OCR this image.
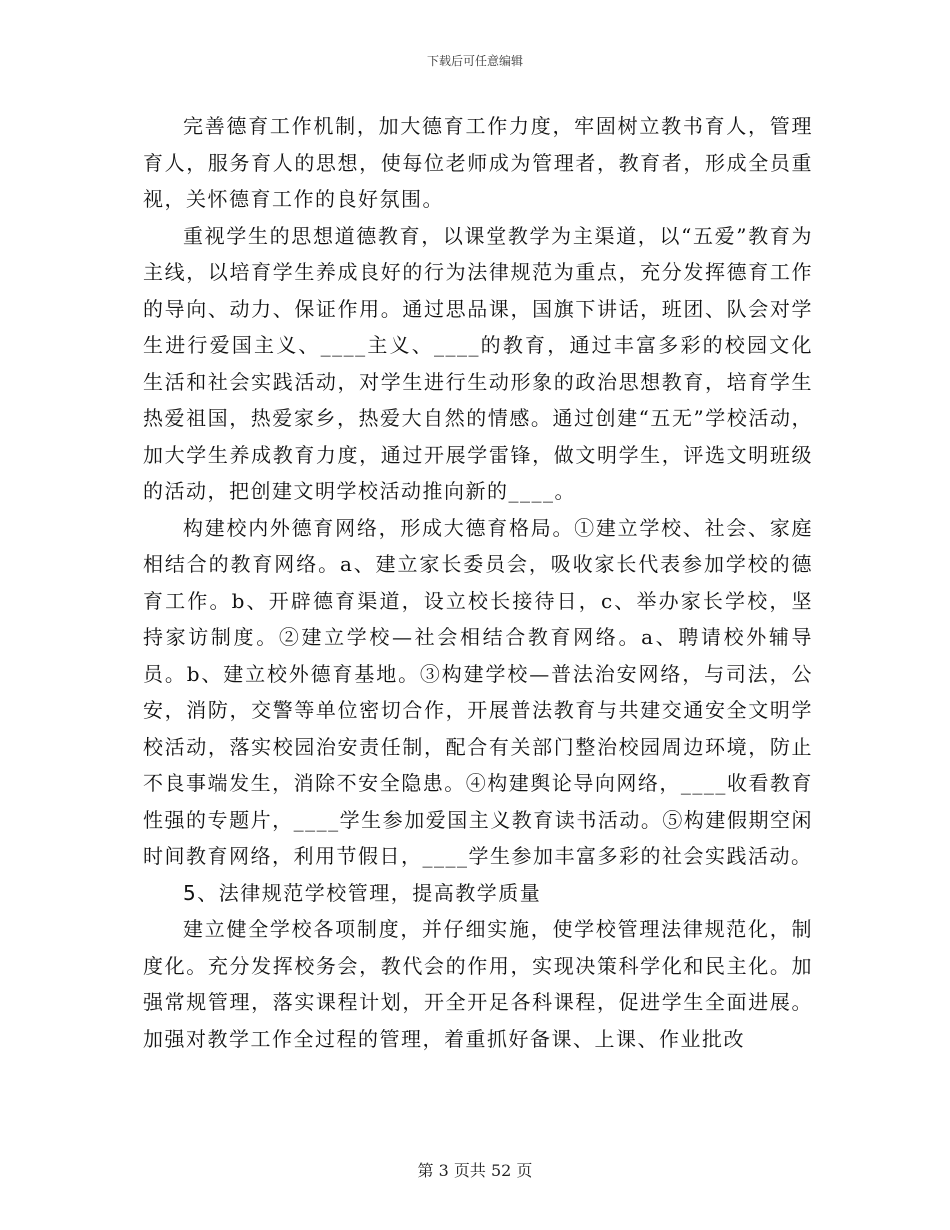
下载后可任意编辑

完善德育工作机制，加大德育工作力度，牢固树立教书育人，管理育人，服务育人的思想，使每位老师成为管理者，教育者，形成全员重视，关怀德育工作的良好氛围。

重视学生的思想道德教育，以课堂教学为主渠道，以“五爱”教育为主线，以培育学生养成良好的行为法律规范为重点，充分发挥德育工作的导向、动力、保证作用。通过思品课，国旗下讲话，班团、队会对学生进行爱国主义、____主义、____的教育，通过丰富多彩的校园文化生活和社会实践活动，对学生进行生动形象的政治思想教育，培育学生热爱祖国，热爱家乡，热爱大自然的情感。通过创建“五无”学校活动，加大学生养成教育力度，通过开展学雷锋，做文明学生，评选文明班级的活动，把创建文明学校活动推向新的____。

构建校内外德育网络，形成大德育格局。①建立学校、社会、家庭相结合的教育网络。a、建立家长委员会，吸收家长代表参加学校的德育工作。b、开辟德育渠道，设立校长接待日，c、举办家长学校，坚持家访制度。②建立学校—社会相结合教育网络。a、聘请校外辅导员。b、建立校外德育基地。③构建学校—普法治安网络，与司法，公安，消防，交警等单位密切合作，开展普法教育与共建交通安全文明学校活动，落实校园治安责任制，配合有关部门整治校园周边环境，防止不良事端发生，消除不安全隐患。④构建舆论导向网络，____收看教育性强的专题片，____学生参加爱国主义教育读书活动。⑤构建假期空闲时间教育网络，利用节假日，____学生参加丰富多彩的社会实践活动。

5、法律规范学校管理，提高教学质量

建立健全学校各项制度，并仔细实施，使学校管理法律规范化，制度化。充分发挥校务会，教代会的作用，实现决策科学化和民主化。加强常规管理，落实课程计划，开全开足各科课程，促进学生全面进展。加强对教学工作全过程的管理，着重抓好备课、上课、作业批改

第 3 页共 52 页
